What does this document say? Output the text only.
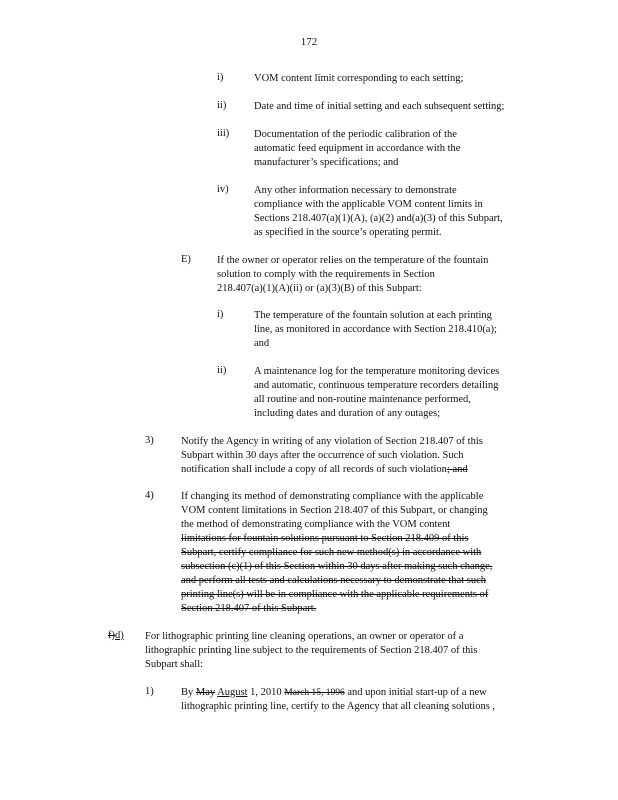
172
i)	VOM content limit corresponding to each setting;
ii)	Date and time of initial setting and each subsequent setting;
iii) Documentation of the periodic calibration of the
automatic feed equipment in accordance with the
manufacturer’s specifications; and
iv) Any other information necessary to demonstrate
compliance with the applicable VOM content limits in
Sections 218.407(a)(1)(A), (a)(2) and(a)(3) of this Subpart,
as specified in the source’s operating permit.
E) If the owner or operator relies on the temperature of the fountain
solution to comply with the requirements in Section
218.407(a)(1)(A)(ii) or (a)(3)(B) of this Subpart:
i)	The temperature of the fountain solution at each printing
line, as monitored in accordance with Section 218.410(a);
and
ii)	A maintenance log for the temperature monitoring devices
and automatic, continuous temperature recorders detailing
all routine and non-routine maintenance performed,
including dates and duration of any outages;
3)	Notify the Agency in writing of any violation of Section 218.407 of this
Subpart within 30 days after the occurrence of such violation. Such
notification shall include a copy of all records of such violation; and
4)	If changing its method of demonstrating compliance with the applicable
VOM content limitations in Section 218.407 of this Subpart, or changing
the method of demonstrating compliance with the VOM content
limitations for fountain solutions pursuant to Section 218.409 of this
Subpart, certify compliance for such new method(s) in accordance with
subsection (c)(1) of this Section within 30 days after making such change,
and perform all tests and calculations necessary to demonstrate that such
printing line(s) will be in compliance with the applicable requirements of
Section 218.407 of this Subpart.
f)d) For lithographic printing line cleaning operations, an owner or operator of a
lithographic printing line subject to the requirements of Section 218.407 of this
Subpart shall:
1)	By May August 1, 2010 March 15, 1996 and upon initial start-up of a new
lithographic printing line, certify to the Agency that all cleaning solutions ,
